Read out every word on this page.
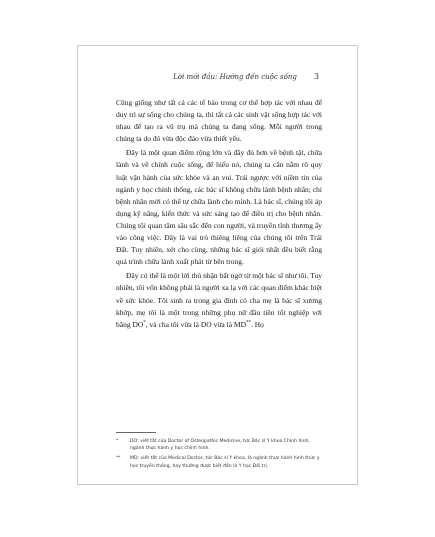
Lời mới đầu: Hướng đến cuộc sống	3

Cũng giống như tất cả các tế bào trong cơ thể hợp tác với nhau để duy trì sự sống cho chúng ta, thì tất cả các sinh vật sống hợp tác với nhau để tạo ra vũ trụ mà chúng ta đang sống. Mỗi người trong chúng ta do đó vừa độc đáo vừa thiết yếu.

Đây là một quan điểm rộng lớn và đầy đủ hơn về bệnh tật, chữa lành và về chính cuộc sống, để hiểu nó, chúng ta cần nắm rõ quy luật vận hành của sức khỏe và an vui. Trái ngược với niềm tin của ngành y học chính thống, các bác sĩ không chữa lành bệnh nhân; chỉ bệnh nhân mới có thể tự chữa lành cho mình. Là bác sĩ, chúng tôi áp dụng kỹ năng, kiến thức và sức sáng tạo để điều trị cho bệnh nhân. Chúng tôi quan tâm sâu sắc đến con người, và truyền tình thương ấy vào công việc. Đây là vai trò thiêng liêng của chúng tôi trên Trái Đất. Tuy nhiên, xét cho cùng, những bác sĩ giỏi nhất đều biết rằng quá trình chữa lành xuất phát từ bên trong.

Đây có thể là một lời thú nhận bất ngờ từ một bác sĩ như tôi. Tuy nhiên, tôi vốn không phải là người xa lạ với các quan điểm khác biệt về sức khỏe. Tôi sinh ra trong gia đình có cha mẹ là bác sĩ xương khớp, mẹ tôi là một trong những phụ nữ đầu tiên tốt nghiệp với bằng DO*, và cha tôi vừa là DO vừa là MD**. Họ

*	DO: viết tắt của Doctor of Osteopathic Medicine, tức Bác sĩ Y khoa Chỉnh hình, ngành thực hành y học chỉnh hình.
**	MD: viết tắt của Medical Doctor, tức Bác sĩ Y khoa, là ngành thực hành hình thức y học truyền thống, hay thường được biết đến là Y học Đối trị.
